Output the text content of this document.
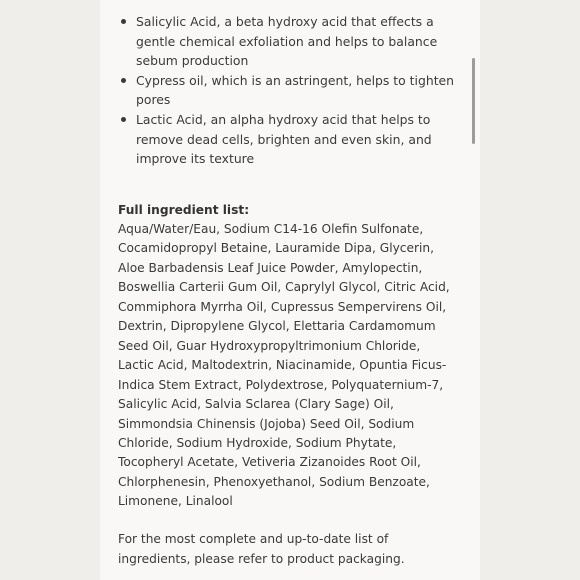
Salicylic Acid, a beta hydroxy acid that effects a
gentle chemical exfoliation and helps to balance
sebum production
Cypress oil, which is an astringent, helps to tighten
pores
Lactic Acid, an alpha hydroxy acid that helps to
remove dead cells, brighten and even skin, and
improve its texture

Full ingredient list:

Aqua/Water/Eau, Sodium C14-16 Olefin Sulfonate,
Cocamidopropyl Betaine, Lauramide Dipa, Glycerin,
Aloe Barbadensis Leaf Juice Powder, Amylopectin,
Boswellia Carterii Gum Oil, Caprylyl Glycol, Citric Acid,
Commiphora Myrrha Oil, Cupressus Sempervirens Oil,
Dextrin, Dipropylene Glycol, Elettaria Cardamomum
Seed Oil, Guar Hydroxypropyltrimonium Chloride,
Lactic Acid, Maltodextrin, Niacinamide, Opuntia Ficus-
Indica Stem Extract, Polydextrose, Polyquaternium-7,
Salicylic Acid, Salvia Sclarea (Clary Sage) Oil,
Simmondsia Chinensis (Jojoba) Seed Oil, Sodium
Chloride, Sodium Hydroxide, Sodium Phytate,
Tocopheryl Acetate, Vetiveria Zizanoides Root Oil,
Chlorphenesin, Phenoxyethanol, Sodium Benzoate,
Limonene, Linalool

For the most complete and up-to-date list of
ingredients, please refer to product packaging.
